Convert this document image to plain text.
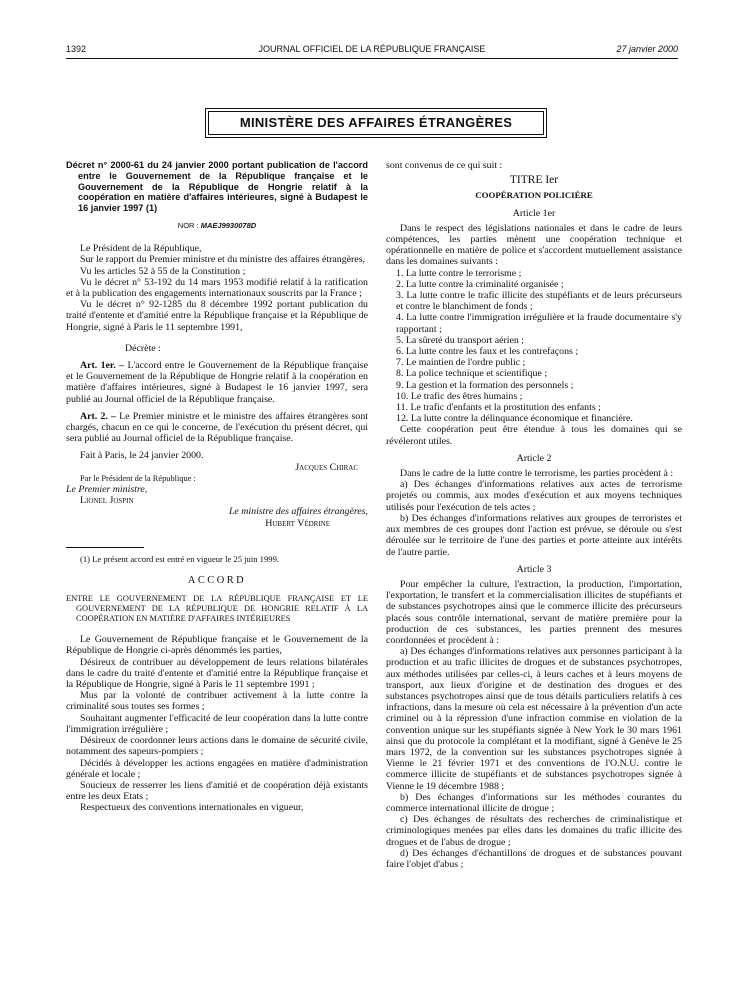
1392	JOURNAL OFFICIEL DE LA RÉPUBLIQUE FRANÇAISE	27 janvier 2000
MINISTÈRE DES AFFAIRES ÉTRANGÈRES

Décret n° 2000-61 du 24 janvier 2000 portant publication de l'accord entre le Gouvernement de la République française et le Gouvernement de la République de Hongrie relatif à la coopération en matière d'affaires intérieures, signé à Budapest le 16 janvier 1997 (1)

NOR : MAEJ9930078D

Le Président de la République,

Sur le rapport du Premier ministre et du ministre des affaires étrangères,

Vu les articles 52 à 55 de la Constitution ;

Vu le décret n° 53-192 du 14 mars 1953 modifié relatif à la ratification et à la publication des engagements internationaux souscrits par la France ;

Vu le décret n° 92-1285 du 8 décembre 1992 portant publication du traité d'entente et d'amitié entre la République française et la République de Hongrie, signé à Paris le 11 septembre 1991,

Décrète :

Art. 1er. – L'accord entre le Gouvernement de la République française et le Gouvernement de la République de Hongrie relatif à la coopération en matière d'affaires intérieures, signé à Budapest le 16 janvier 1997, sera publié au Journal officiel de la République française.

Art. 2. – Le Premier ministre et le ministre des affaires étrangères sont chargés, chacun en ce qui le concerne, de l'exécution du présent décret, qui sera publié au Journal officiel de la République française.

Fait à Paris, le 24 janvier 2000.

Jacques Chirac

Par le Président de la République :

Le Premier ministre,

Lionel Jospin

Le ministre des affaires étrangères,

Hubert Védrine

(1) Le présent accord est entré en vigueur le 25 juin 1999.

ACCORD

ENTRE LE GOUVERNEMENT DE LA RÉPUBLIQUE FRANÇAISE ET LE GOUVERNEMENT DE LA RÉPUBLIQUE DE HONGRIE RELATIF À LA COOPÉRATION EN MATIÈRE D'AFFAIRES INTÉRIEURES

Le Gouvernement de République française et le Gouvernement de la République de Hongrie ci-après dénommés les parties,

Désireux de contribuer au développement de leurs relations bilatérales dans le cadre du traité d'entente et d'amitié entre la République française et la République de Hongrie, signé à Paris le 11 septembre 1991 ;

Mus par la volonté de contribuer activement à la lutte contre la criminalité sous toutes ses formes ;

Souhaitant augmenter l'efficacité de leur coopération dans la lutte contre l'immigration irrégulière ;

Désireux de coordonner leurs actions dans le domaine de sécurité civile, notamment des sapeurs-pompiers ;

Décidés à développer les actions engagées en matière d'administration générale et locale ;

Soucieux de resserrer les liens d'amitié et de coopération déjà existants entre les deux Etats ;

Respectueux des conventions internationales en vigueur,

sont convenus de ce qui suit :

TITRE Ier

COOPÉRATION POLICIÈRE

Article 1er

Dans le respect des législations nationales et dans le cadre de leurs compétences, les parties mènent une coopération technique et opérationnelle en matière de police et s'accordent mutuellement assistance dans les domaines suivants :

1. La lutte contre le terrorisme ;

2. La lutte contre la criminalité organisée ;

3. La lutte contre le trafic illicite des stupéfiants et de leurs précurseurs et contre le blanchiment de fonds ;

4. La lutte contre l'immigration irrégulière et la fraude documentaire s'y rapportant ;

5. La sûreté du transport aérien ;

6. La lutte contre les faux et les contrefaçons ;

7. Le maintien de l'ordre public ;

8. La police technique et scientifique ;

9. La gestion et la formation des personnels ;

10. Le trafic des êtres humains ;

11. Le trafic d'enfants et la prostitution des enfants ;

12. La lutte contre la délinquance économique et financière.

Cette coopération peut être étendue à tous les domaines qui se révéleront utiles.

Article 2

Dans le cadre de la lutte contre le terrorisme, les parties procèdent à :

a) Des échanges d'informations relatives aux actes de terrorisme projetés ou commis, aux modes d'exécution et aux moyens techniques utilisés pour l'exécution de tels actes ;

b) Des échanges d'informations relatives aux groupes de terroristes et aux membres de ces groupes dont l'action est prévue, se déroule ou s'est déroulée sur le territoire de l'une des parties et porte atteinte aux intérêts de l'autre partie.

Article 3

Pour empêcher la culture, l'extraction, la production, l'importation, l'exportation, le transfert et la commercialisation illicites de stupéfiants et de substances psychotropes ainsi que le commerce illicite des précurseurs placés sous contrôle international, servant de matière première pour la production de ces substances, les parties prennent des mesures coordonnées et procèdent à :

a) Des échanges d'informations relatives aux personnes participant à la production et au trafic illicites de drogues et de substances psychotropes, aux méthodes utilisées par celles-ci, à leurs caches et à leurs moyens de transport, aux lieux d'origine et de destination des drogues et des substances psychotropes ainsi que de tous détails particuliers relatifs à ces infractions, dans la mesure où cela est nécessaire à la prévention d'un acte criminel ou à la répression d'une infraction commise en violation de la convention unique sur les stupéfiants signée à New York le 30 mars 1961 ainsi que du protocole la complétant et la modifiant, signé à Genève le 25 mars 1972, de la convention sur les substances psychotropes signée à Vienne le 21 février 1971 et des conventions de l'O.N.U. contre le commerce illicite de stupéfiants et de substances psychotropes signée à Vienne le 19 décembre 1988 ;

b) Des échanges d'informations sur les méthodes courantes du commerce international illicite de drogue ;

c) Des échanges de résultats des recherches de criminalistique et criminologiques menées par elles dans les domaines du trafic illicite des drogues et de l'abus de drogue ;

d) Des échanges d'échantillons de drogues et de substances pouvant faire l'objet d'abus ;
